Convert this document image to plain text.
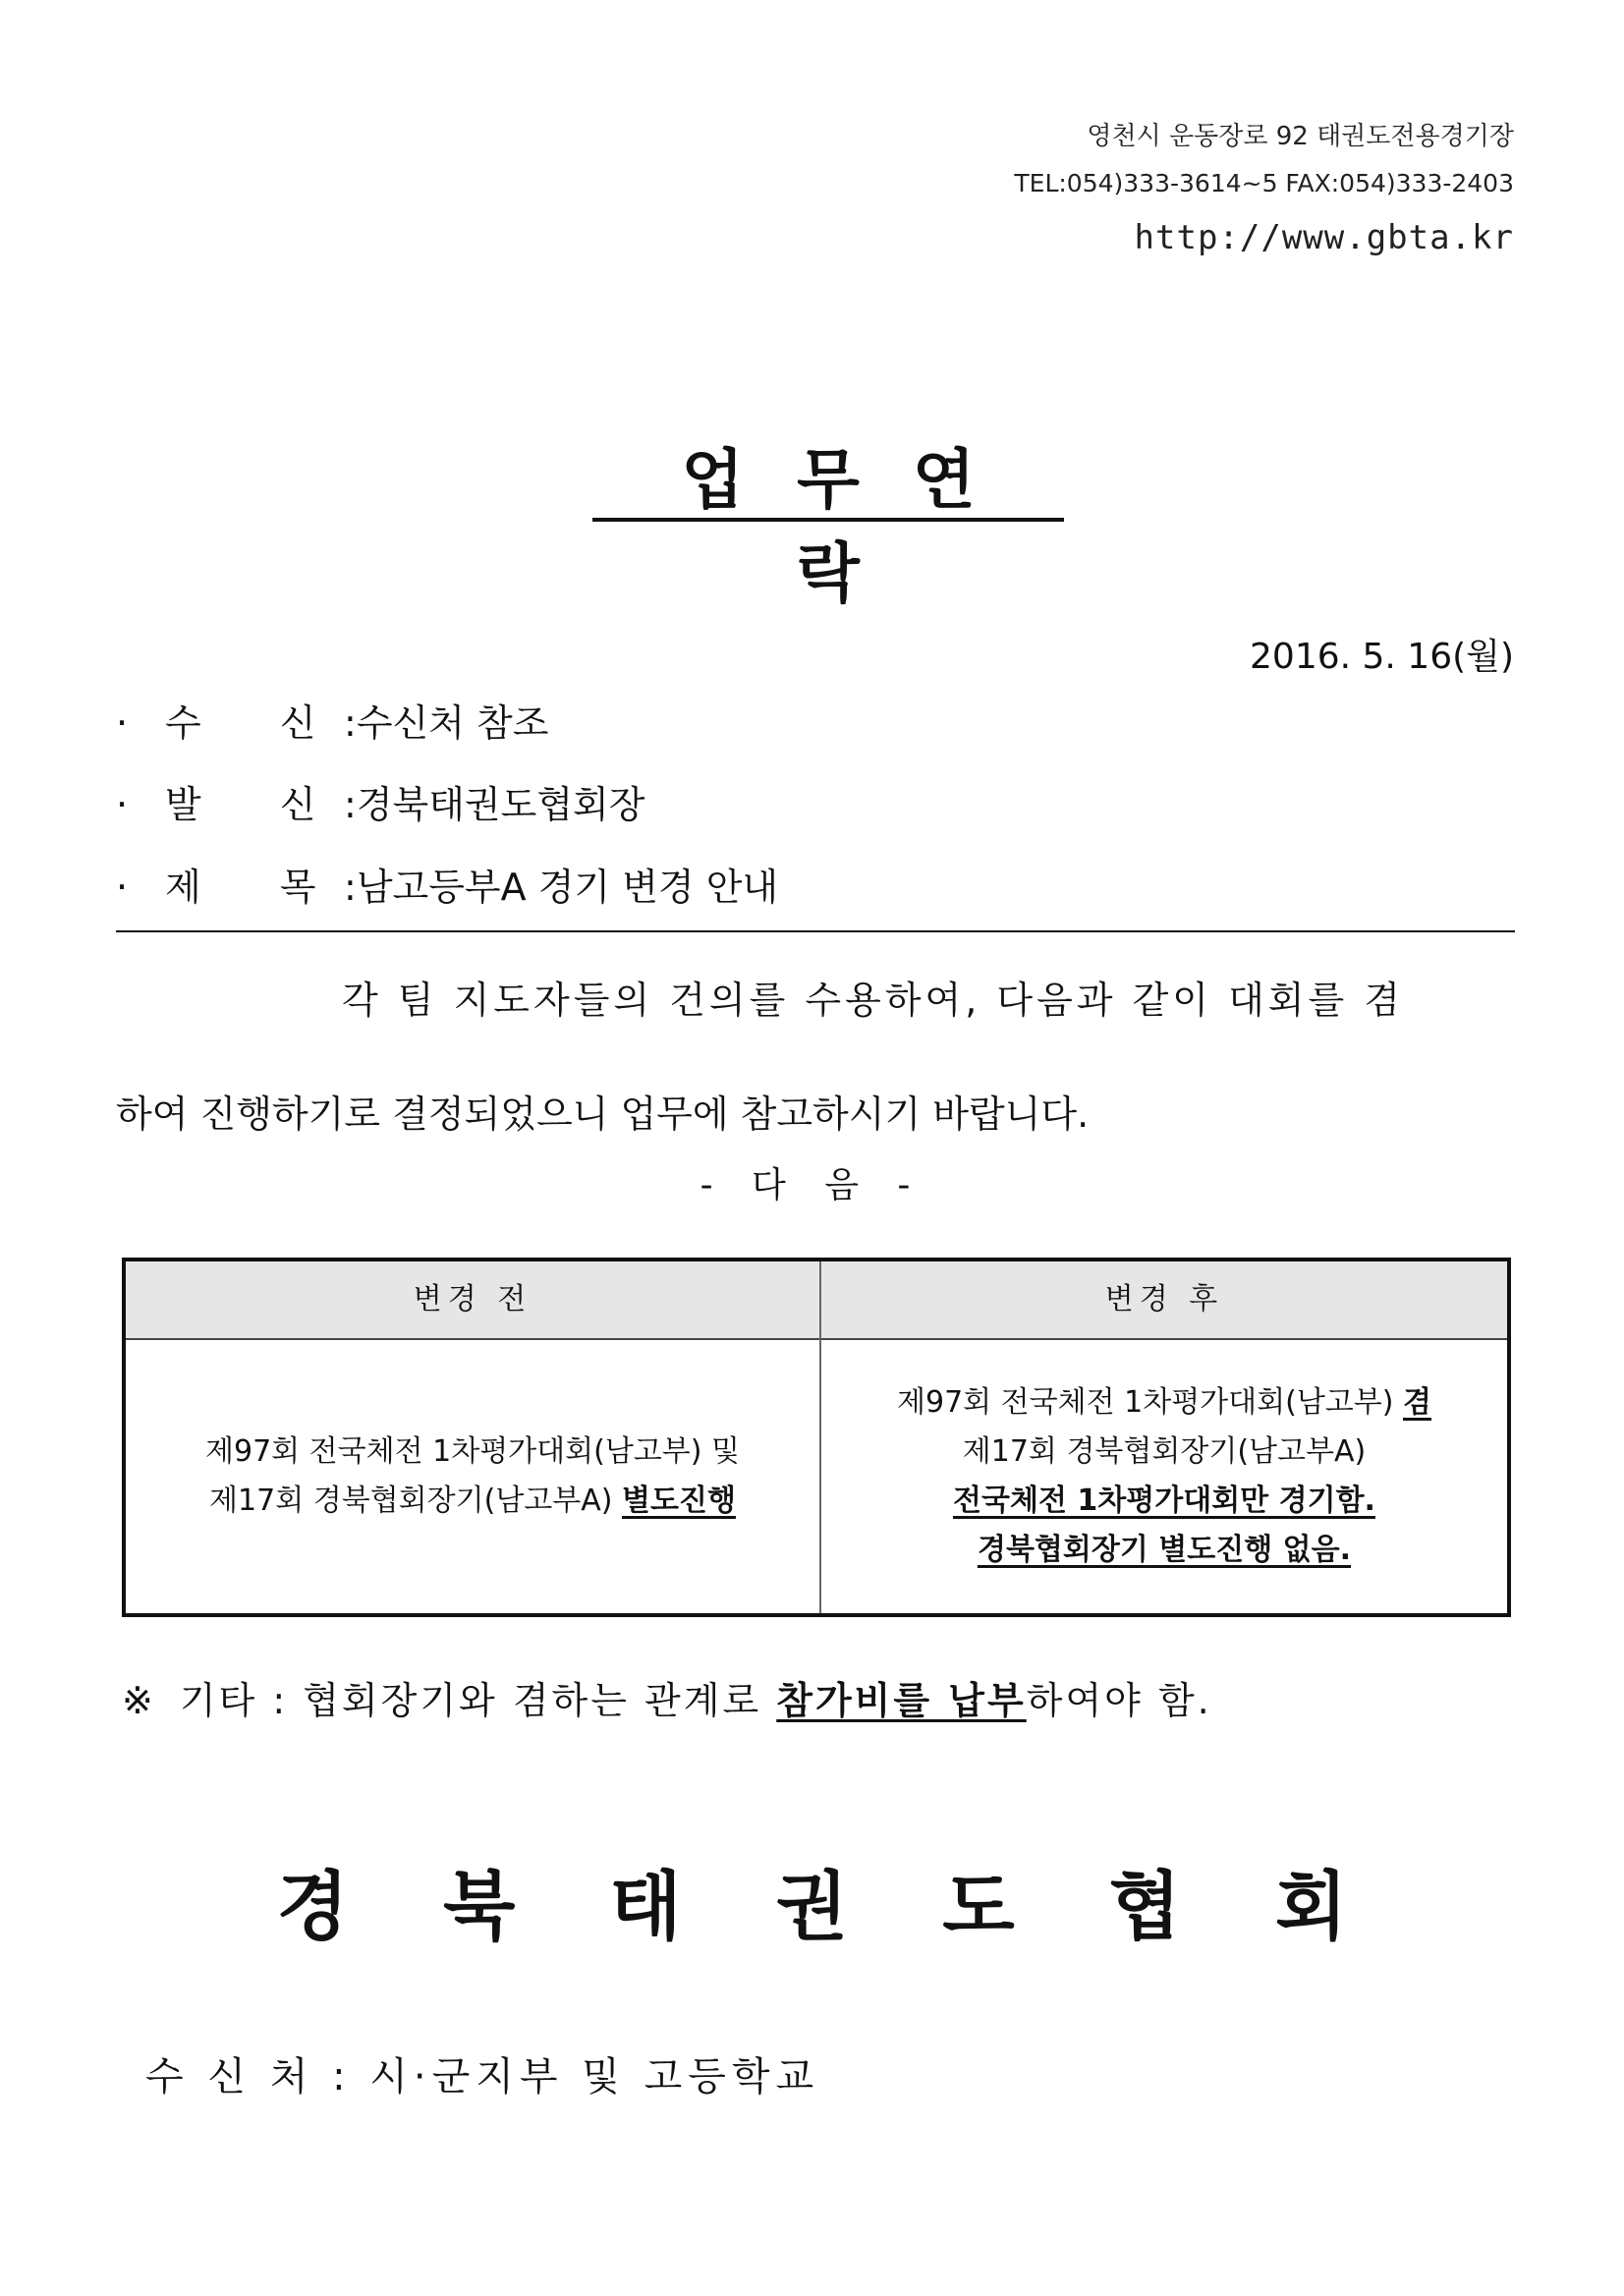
영천시 운동장로 92 태권도전용경기장
TEL:054)333-3614~5 FAX:054)333-2403
http://www.gbta.kr
업무연락
2016. 5. 16(월)
· 수 신 :수신처 참조
· 발 신 :경북태권도협회장
· 제 목 :남고등부A 경기 변경 안내

각 팀 지도자들의 건의를 수용하여, 다음과 같이 대회를 겸

하여 진행하기로 결정되었으니 업무에 참고하시기 바랍니다.

- 다 음 -
변경 전	변경 후
제97회 전국체전 1차평가대회(남고부) 및
제17회 경북협회장기(남고부A) 별도진행
제97회 전국체전 1차평가대회(남고부) 겸
제17회 경북협회장기(남고부A)
전국체전 1차평가대회만 경기함.
경북협회장기 별도진행 없음.
※ 기타 : 협회장기와 겸하는 관계로 참가비를 납부하여야 함.
경북태권도협회
수 신 처 : 시·군지부 및 고등학교
